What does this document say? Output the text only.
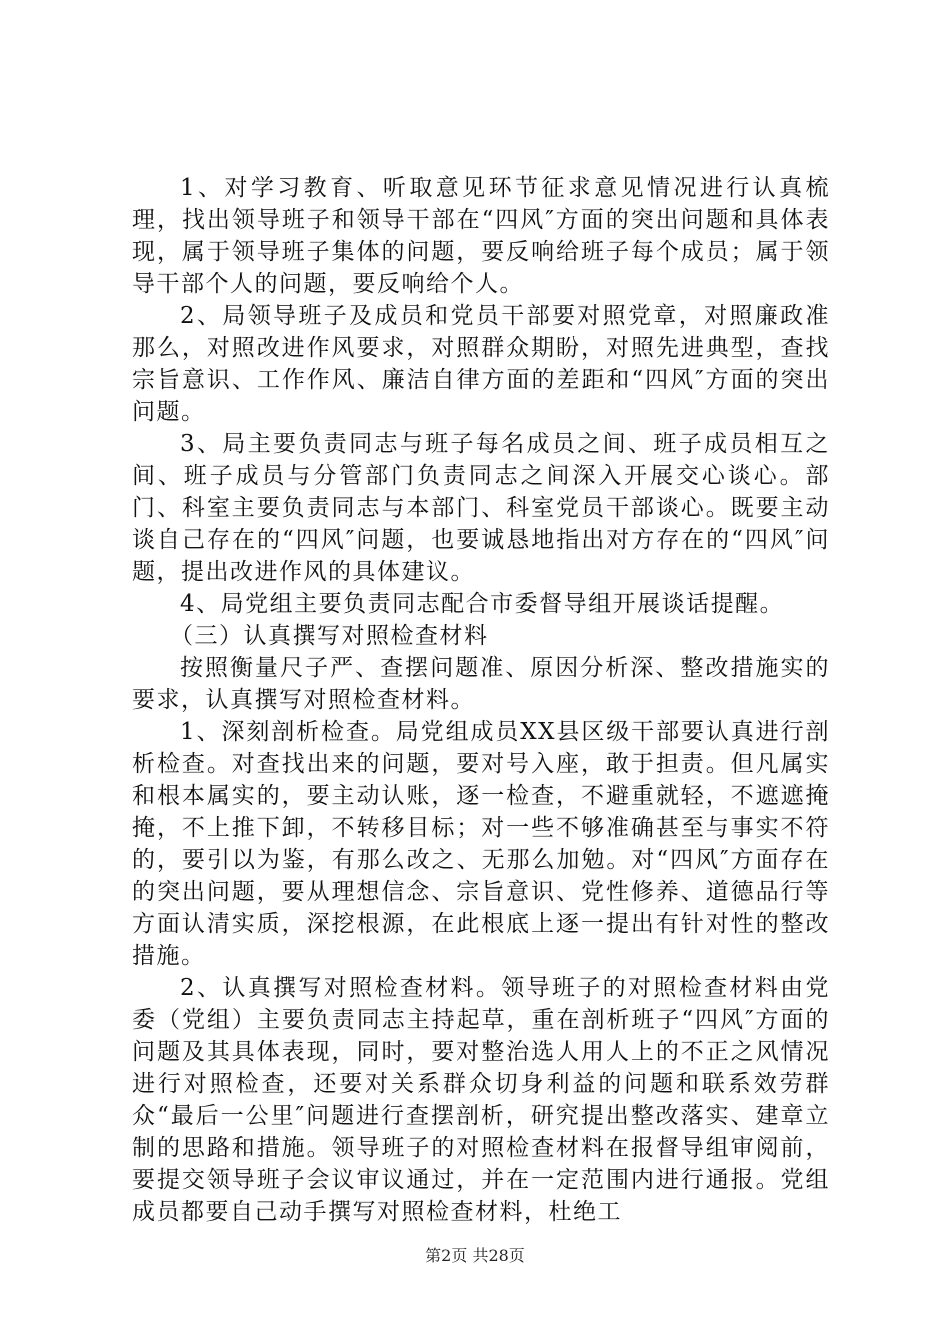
1、对学习教育、听取意见环节征求意见情况进行认真梳理，找出领导班子和领导干部在“四风″方面的突出问题和具体表现，属于领导班子集体的问题，要反响给班子每个成员；属于领导干部个人的问题，要反响给个人。

2、局领导班子及成员和党员干部要对照党章，对照廉政准那么，对照改进作风要求，对照群众期盼，对照先进典型，查找宗旨意识、工作作风、廉洁自律方面的差距和“四风″方面的突出问题。

3、局主要负责同志与班子每名成员之间、班子成员相互之间、班子成员与分管部门负责同志之间深入开展交心谈心。部门、科室主要负责同志与本部门、科室党员干部谈心。既要主动谈自己存在的“四风″问题，也要诚恳地指出对方存在的“四风″问题，提出改进作风的具体建议。

4、局党组主要负责同志配合市委督导组开展谈话提醒。

（三）认真撰写对照检查材料

按照衡量尺子严、查摆问题准、原因分析深、整改措施实的要求，认真撰写对照检查材料。

1、深刻剖析检查。局党组成员XX县区级干部要认真进行剖析检查。对查找出来的问题，要对号入座，敢于担责。但凡属实和根本属实的，要主动认账，逐一检查，不避重就轻，不遮遮掩掩，不上推下卸，不转移目标；对一些不够准确甚至与事实不符的，要引以为鉴，有那么改之、无那么加勉。对“四风″方面存在的突出问题，要从理想信念、宗旨意识、党性修养、道德品行等方面认清实质，深挖根源，在此根底上逐一提出有针对性的整改措施。

2、认真撰写对照检查材料。领导班子的对照检查材料由党委（党组）主要负责同志主持起草，重在剖析班子“四风″方面的问题及其具体表现，同时，要对整治选人用人上的不正之风情况进行对照检查，还要对关系群众切身利益的问题和联系效劳群众“最后一公里″问题进行查摆剖析，研究提出整改落实、建章立制的思路和措施。领导班子的对照检查材料在报督导组审阅前，要提交领导班子会议审议通过，并在一定范围内进行通报。党组成员都要自己动手撰写对照检查材料，杜绝工

第2页 共28页
